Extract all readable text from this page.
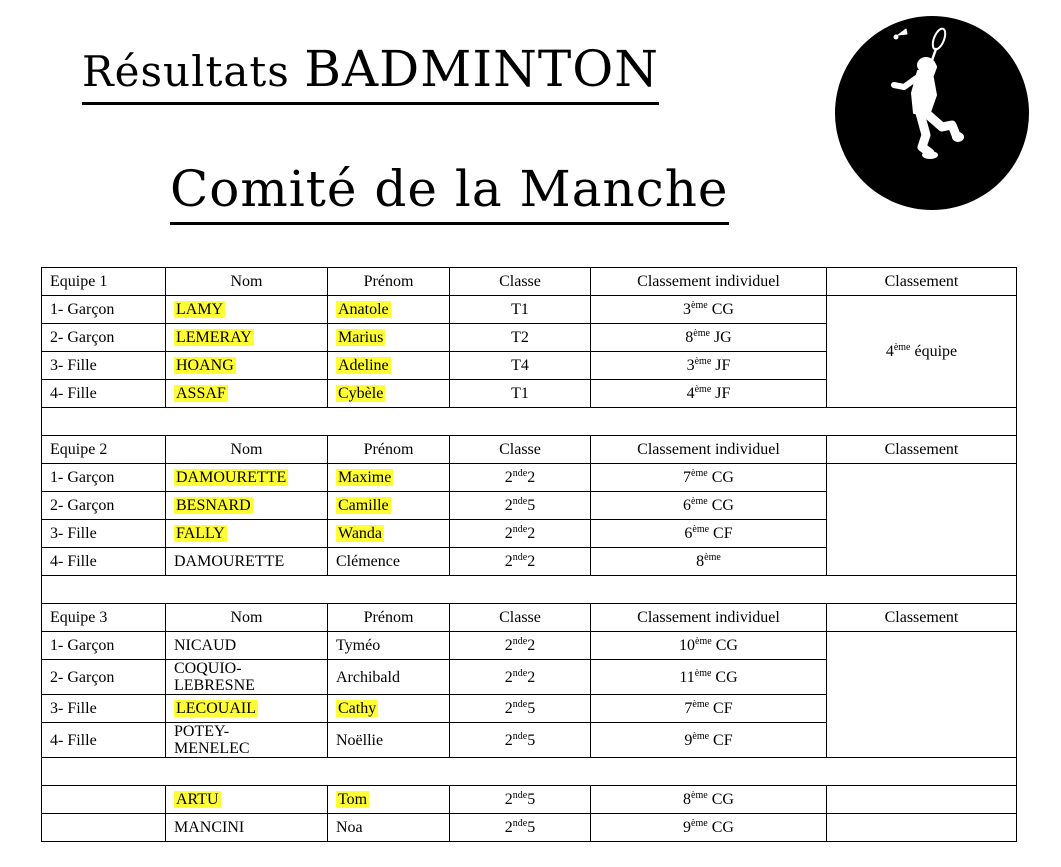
Résultats BADMINTON
Comité de la Manche
Equipe 1	Nom	Prénom	Classe	Classement individuel	Classement
1- Garçon	LAMY	Anatole	T1	3ème CG	4ème équipe
2- Garçon	LEMERAY	Marius	T2	8ème JG	
3- Fille	HOANG	Adeline	T4	3ème JF	
4- Fille	ASSAF	Cybèle	T1	4ème JF	

Equipe 2	Nom	Prénom	Classe	Classement individuel	Classement
1- Garçon	DAMOURETTE	Maxime	2nde2	7ème CG	
2- Garçon	BESNARD	Camille	2nde5	6ème CG	
3- Fille	FALLY	Wanda	2nde2	6ème CF	
4- Fille	DAMOURETTE	Clémence	2nde2	8ème

Equipe 3	Nom	Prénom	Classe	Classement individuel	Classement
1- Garçon	NICAUD	Tyméo	2nde2	10ème CG	
2- Garçon	COQUIO-
LEBRESNE	Archibald	2nde2	11ème CG	
3- Fille	LECOUAIL	Cathy	2nde5	7ème CF	
4- Fille	POTEY-
MENELEC	Noëllie	2nde5	9ème CF	

	ARTU	Tom	2nde5	8ème CG	
	MANCINI	Noa	2nde5	9ème CG	
